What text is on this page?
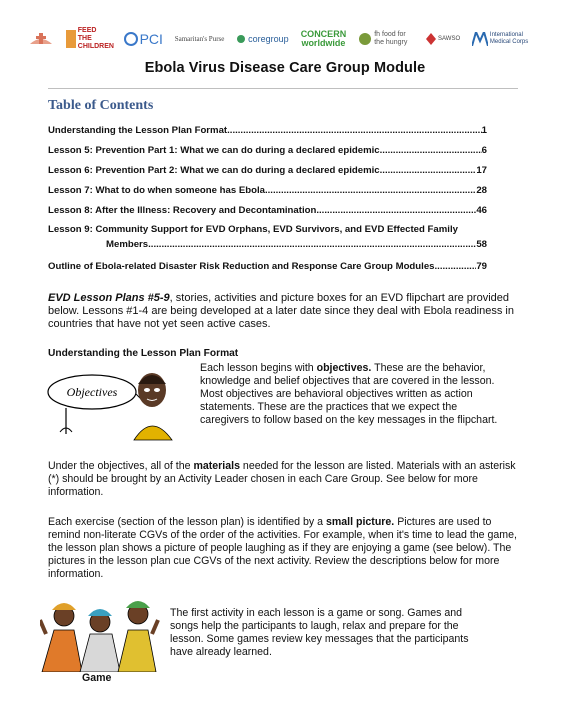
FEED THE CHILDREN PCI Samaritan's Purse	coregroup CONCERN worldwide
fh food for the hungry	SAWSO
International Medical Corps
Ebola Virus Disease Care Group Module
Table of Contents
Understanding the Lesson Plan Format .....	1
Lesson 5: Prevention Part 1: What we can do during a declared epidemic .....	6
Lesson 6: Prevention Part 2: What we can do during a declared epidemic .....	17
Lesson 7: What to do when someone has Ebola .....	28
Lesson 8: After the Illness: Recovery and Decontamination .....	46
Lesson 9: Community Support for EVD Orphans, EVD Survivors, and EVD Effected Family
Members .....	58
Outline of Ebola-related Disaster Risk Reduction and Response Care Group Modules .....	79
EVD Lesson Plans #5-9, stories, activities and picture boxes for an EVD flipchart are provided below. Lessons #1-4 are being developed at a later date since they deal with Ebola readiness in countries that have not yet seen active cases.
Understanding the Lesson Plan Format
Objectives
Each lesson begins with objectives. These are the behavior, knowledge and belief objectives that are covered in the lesson. Most objectives are behavioral objectives written as action statements. These are the practices that we expect the caregivers to follow based on the key messages in the flipchart.
Under the objectives, all of the materials needed for the lesson are listed. Materials with an asterisk (*) should be brought by an Activity Leader chosen in each Care Group. See below for more information.
Each exercise (section of the lesson plan) is identified by a small picture. Pictures are used to remind non-literate CGVs of the order of the activities. For example, when it's time to lead the game, the lesson plan shows a picture of people laughing as if they are enjoying a game (see below). The pictures in the lesson plan cue CGVs of the next activity. Review the descriptions below for more information.
The first activity in each lesson is a game or song. Games and songs help the participants to laugh, relax and prepare for the lesson. Some games review key messages that the participants have already learned.
Game
